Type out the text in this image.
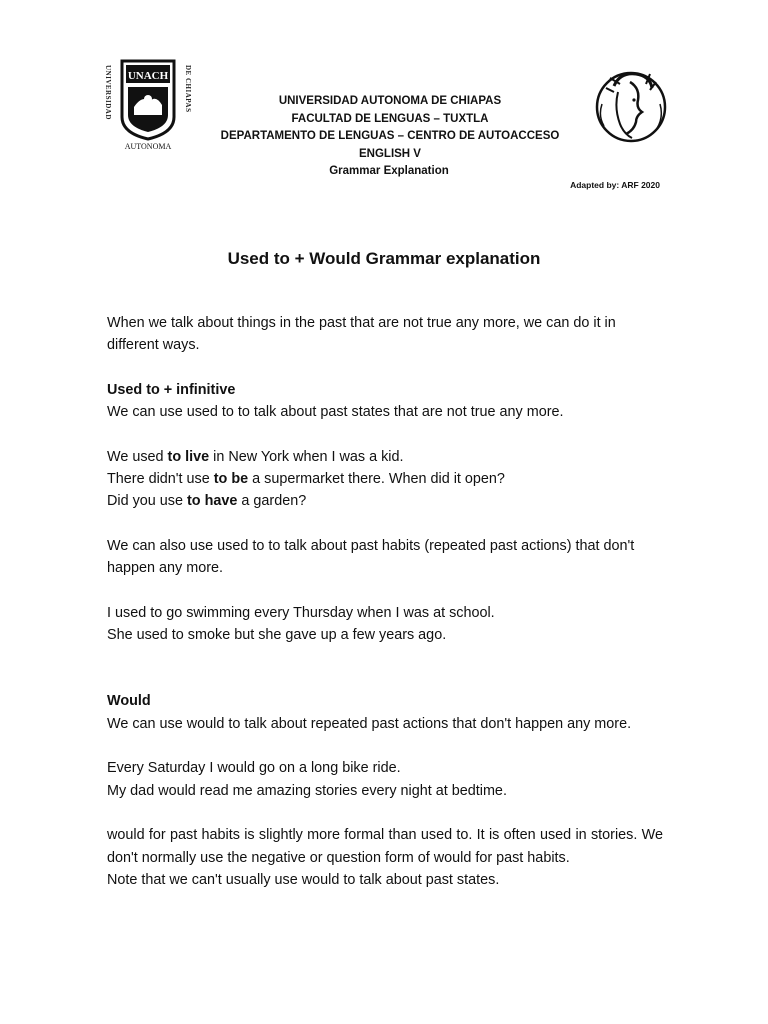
UNIVERSIDAD	DE CHIAPAS
UNACH
AUTONOMA
UNIVERSIDAD AUTONOMA DE CHIAPAS
FACULTAD DE LENGUAS – TUXTLA
DEPARTAMENTO DE LENGUAS – CENTRO DE AUTOACCESO
ENGLISH V
Grammar Explanation
Adapted by: ARF 2020
Used to + Would Grammar explanation

When we talk about things in the past that are not true any more, we can do it in different ways.

Used to + infinitive

We can use used to to talk about past states that are not true any more.

We used to live in New York when I was a kid.

There didn't use to be a supermarket there. When did it open?

Did you use to have a garden?

We can also use used to to talk about past habits (repeated past actions) that don't happen any more.

I used to go swimming every Thursday when I was at school.

She used to smoke but she gave up a few years ago.

Would

We can use would to talk about repeated past actions that don't happen any more.

Every Saturday I would go on a long bike ride.

My dad would read me amazing stories every night at bedtime.

would for past habits is slightly more formal than used to. It is often used in stories. We don't normally use the negative or question form of would for past habits.

Note that we can't usually use would to talk about past states.
